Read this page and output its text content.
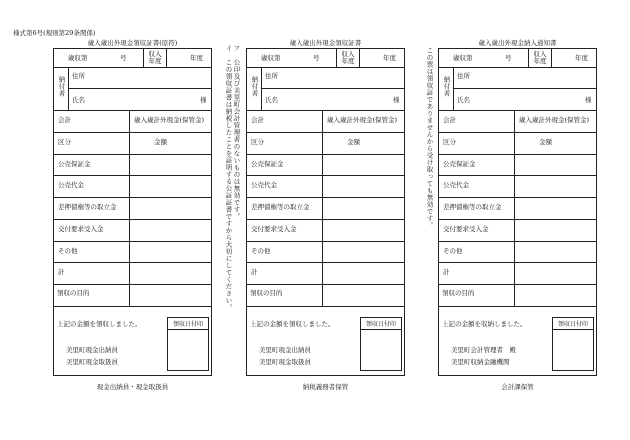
様式第6号(規則第29条関係)
ア　公印及び美里町会計管理者のないものは無効です。
イ　この領収証書は納税したことを証明する公証証書ですから大切にしてください。	この票は領収証でありませんから受け取っても無効です。
歳入歳出外現金領収証書(原符)
歳収第	号	収入
年度	年度
納付者 住所
氏名	様
会計	歳入歳計外現金(保管金)
区分	金額
公売保証金
公売代金
差押債権等の取立金
交付要求受入金
その他
計
領収の目的
上記の金額を領収しました。	領収日付印
美里町現金出納員
美里町現金取扱員
現金出納員・現金取扱員
歳入歳出外現金領収証書
歳収第	号	収入
年度	年度
納付者 住所
氏名	様
会計	歳入歳計外現金(保管金)
区分	金額
公売保証金
公売代金
差押債権等の取立金
交付要求受入金
その他
計
領収の目的
上記の金額を領収しました。	領収日付印
美里町現金出納員
美里町現金取扱員
納税義務者保管
歳入歳出外現金納入通知書
歳収第	号	収入
年度	年度
納付者 住所
氏名	様
会計	歳入歳計外現金(保管金)
区分	金額
公売保証金
公売代金
差押債権等の取立金
交付要求受入金
その他
計
領収の目的
上記の金額を収納しました。	領収日付印
美里町会計管理者　殿
美里町収納金融機関
会計課保管
